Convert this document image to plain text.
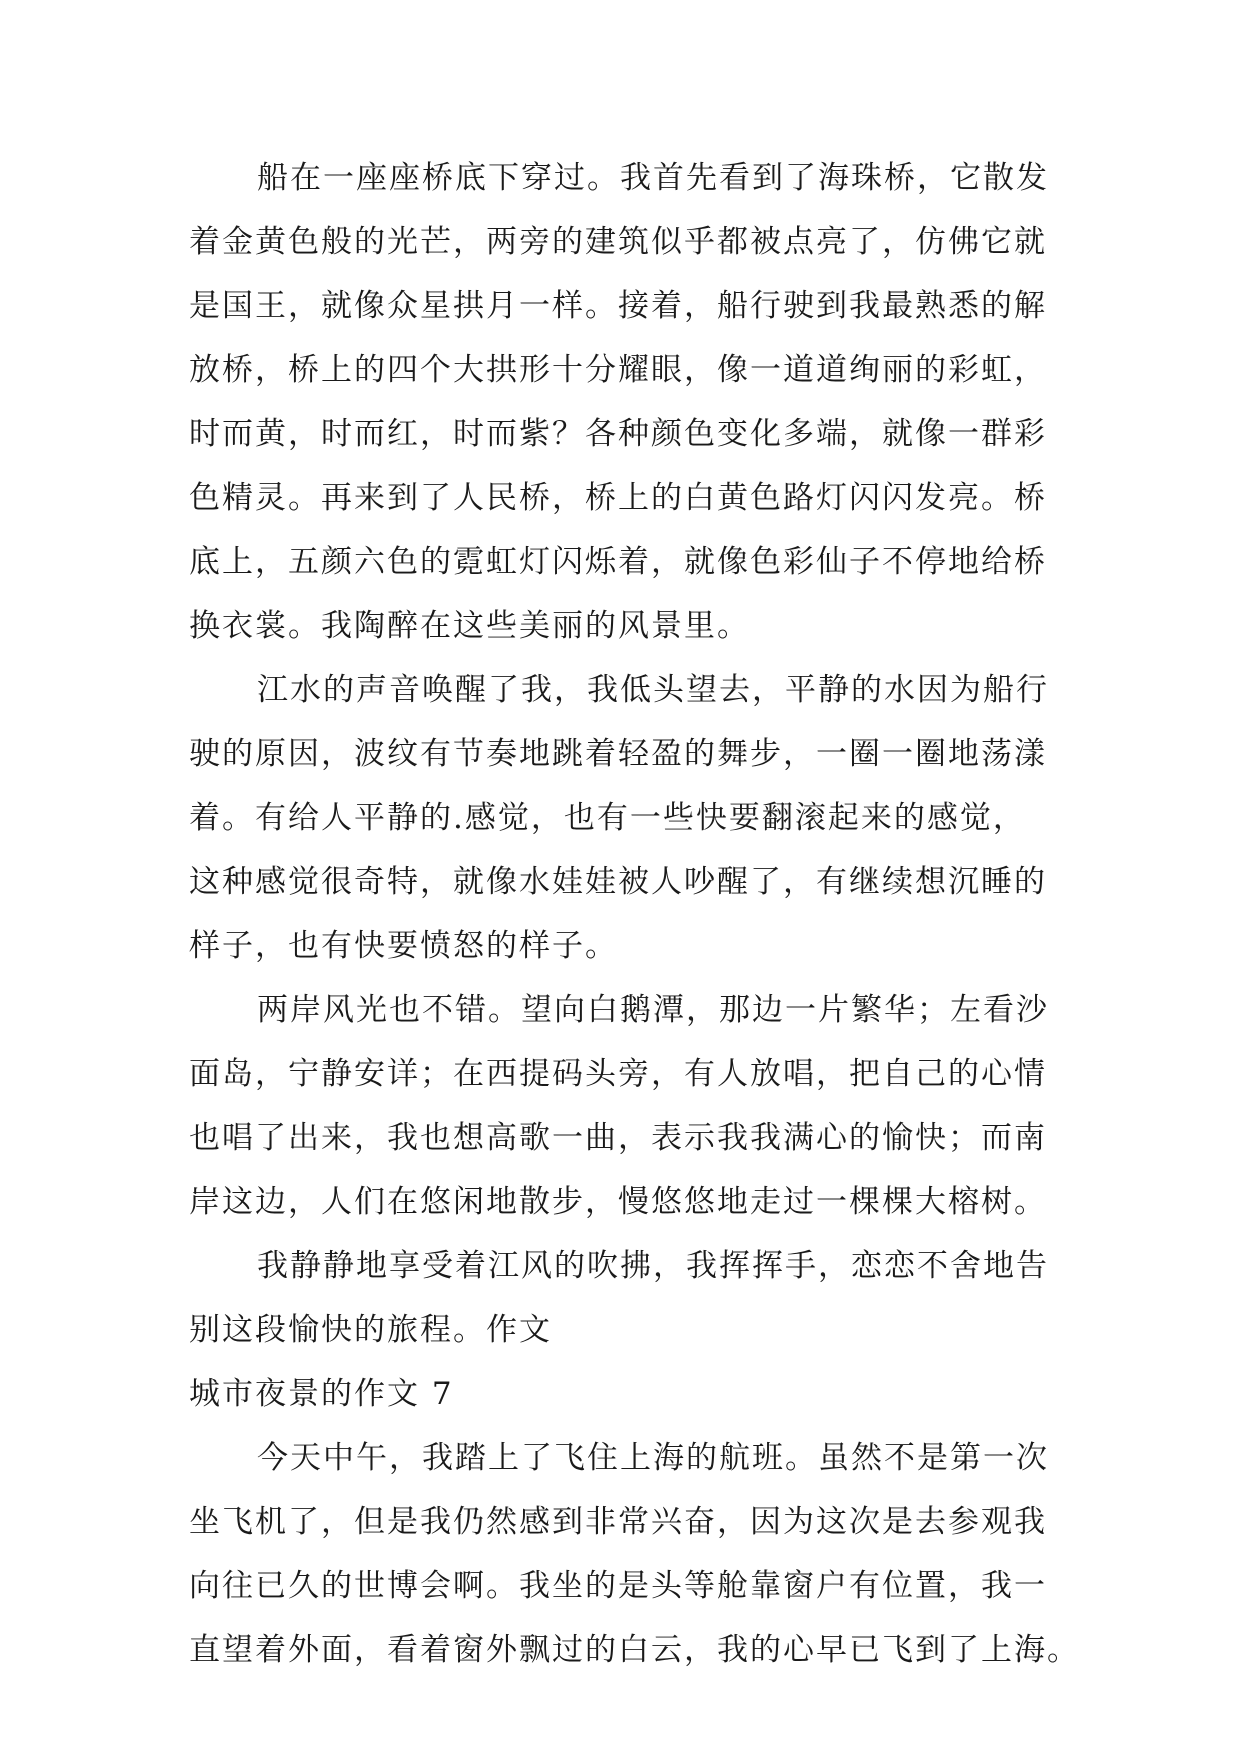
船在一座座桥底下穿过。我首先看到了海珠桥，它散发
着金黄色般的光芒，两旁的建筑似乎都被点亮了，仿佛它就
是国王，就像众星拱月一样。接着，船行驶到我最熟悉的解
放桥，桥上的四个大拱形十分耀眼，像一道道绚丽的彩虹，
时而黄，时而红，时而紫？各种颜色变化多端，就像一群彩
色精灵。再来到了人民桥，桥上的白黄色路灯闪闪发亮。桥
底上，五颜六色的霓虹灯闪烁着，就像色彩仙子不停地给桥
换衣裳。我陶醉在这些美丽的风景里。
江水的声音唤醒了我，我低头望去，平静的水因为船行
驶的原因，波纹有节奏地跳着轻盈的舞步，一圈一圈地荡漾
着。有给人平静的.感觉，也有一些快要翻滚起来的感觉，
这种感觉很奇特，就像水娃娃被人吵醒了，有继续想沉睡的
样子，也有快要愤怒的样子。
两岸风光也不错。望向白鹅潭，那边一片繁华；左看沙
面岛，宁静安详；在西提码头旁，有人放唱，把自己的心情
也唱了出来，我也想高歌一曲，表示我我满心的愉快；而南
岸这边，人们在悠闲地散步，慢悠悠地走过一棵棵大榕树。
我静静地享受着江风的吹拂，我挥挥手，恋恋不舍地告
别这段愉快的旅程。作文
城市夜景的作文 7
今天中午，我踏上了飞住上海的航班。虽然不是第一次
坐飞机了，但是我仍然感到非常兴奋，因为这次是去参观我
向往已久的世博会啊。我坐的是头等舱靠窗户有位置，我一
直望着外面，看着窗外飘过的白云，我的心早已飞到了上海。
